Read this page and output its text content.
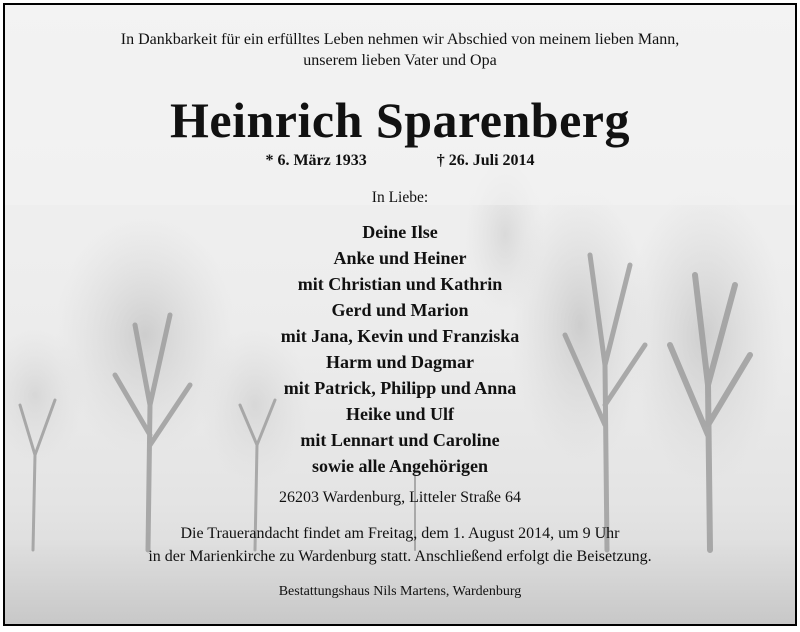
In Dankbarkeit für ein erfülltes Leben nehmen wir Abschied von meinem lieben Mann,
unserem lieben Vater und Opa
Heinrich Sparenberg
* 6. März 1933	† 26. Juli 2014
In Liebe:
Deine Ilse
Anke und Heiner
mit Christian und Kathrin
Gerd und Marion
mit Jana, Kevin und Franziska
Harm und Dagmar
mit Patrick, Philipp und Anna
Heike und Ulf
mit Lennart und Caroline
sowie alle Angehörigen
26203 Wardenburg, Litteler Straße 64
Die Trauerandacht findet am Freitag, dem 1. August 2014, um 9 Uhr
in der Marienkirche zu Wardenburg statt. Anschließend erfolgt die Beisetzung.
Bestattungshaus Nils Martens, Wardenburg
